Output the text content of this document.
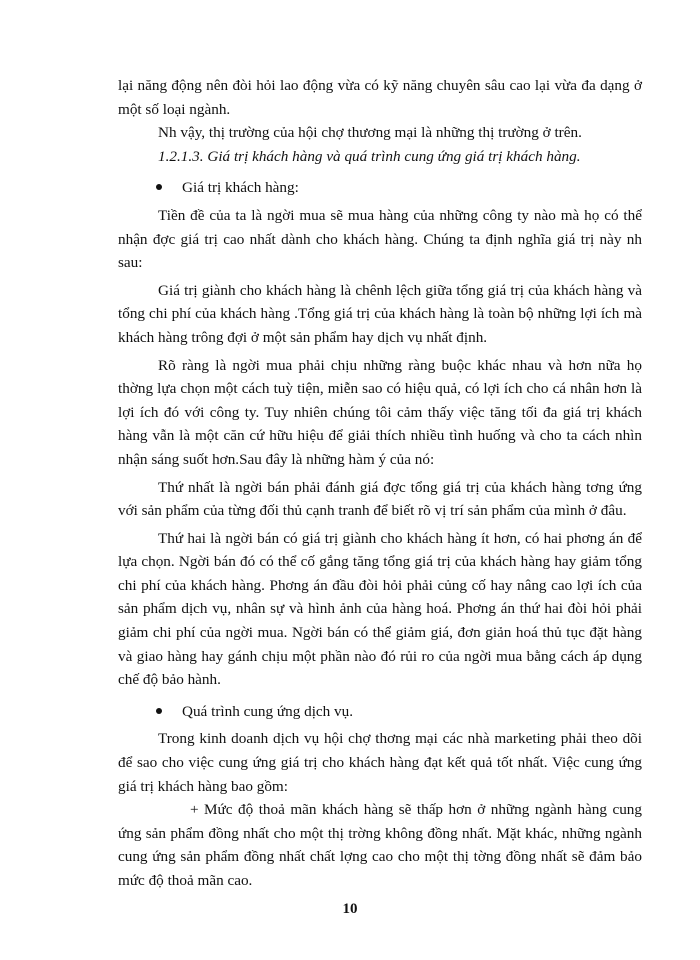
lại năng động nên đòi hỏi lao động vừa có kỹ năng chuyên sâu cao lại vừa đa dạng ở một số loại ngành.

Nh vậy, thị trường của hội chợ thương mại là những thị trường ở trên.

1.2.1.3. Giá trị khách hàng và quá trình cung ứng giá trị khách hàng.

Giá trị khách hàng:

Tiền đề của ta là ngời mua sẽ mua hàng của những công ty nào mà họ có thể nhận đợc giá trị cao nhất dành cho khách hàng. Chúng ta định nghĩa giá trị này nh sau:

Giá trị giành cho khách hàng là chênh lệch giữa tổng giá trị của khách hàng và tổng chi phí của khách hàng .Tổng giá trị của khách hàng là toàn bộ những lợi ích mà khách hàng trông đợi ở một sản phẩm hay dịch vụ nhất định.

Rõ ràng là ngời mua phải chịu những ràng buộc khác nhau và hơn nữa họ thờng lựa chọn một cách tuỳ tiện, miễn sao có hiệu quả, có lợi ích cho cá nhân hơn là lợi ích đó với công ty. Tuy nhiên chúng tôi cảm thấy việc tăng tối đa giá trị khách hàng vẫn là một căn cứ hữu hiệu để giải thích nhiều tình huống và cho ta cách nhìn nhận sáng suốt hơn.Sau đây là những hàm ý của nó:

Thứ nhất là ngời bán phải đánh giá đợc tổng giá trị của khách hàng tơng ứng với sản phẩm của từng đối thủ cạnh tranh để biết rõ vị trí sản phẩm của mình ở đâu.

Thứ hai là ngời bán có giá trị giành cho khách hàng ít hơn, có hai phơng án để lựa chọn. Ngời bán đó có thể cố gắng tăng tổng giá trị của khách hàng hay giảm tổng chi phí của khách hàng. Phơng án đầu đòi hỏi phải củng cố hay nâng cao lợi ích của sản phẩm dịch vụ, nhân sự và hình ảnh của hàng hoá. Phơng án thứ hai đòi hỏi phải giảm chi phí của ngời mua. Ngời bán có thể giảm giá, đơn giản hoá thủ tục đặt hàng và giao hàng hay gánh chịu một phần nào đó rủi ro của ngời mua bằng cách áp dụng chế độ bảo hành.

Quá trình cung ứng dịch vụ.

Trong kinh doanh dịch vụ hội chợ thơng mại các nhà marketing phải theo dõi để sao cho việc cung ứng giá trị cho khách hàng đạt kết quả tốt nhất. Việc cung ứng giá trị khách hàng bao gồm:

+ Mức độ thoả mãn khách hàng sẽ thấp hơn ở những ngành hàng cung ứng sản phẩm đồng nhất cho một thị trờng không đồng nhất. Mặt khác, những ngành cung ứng sản phẩm đồng nhất chất lợng cao cho một thị tờng đồng nhất sẽ đảm bảo mức độ thoả mãn cao.

10
